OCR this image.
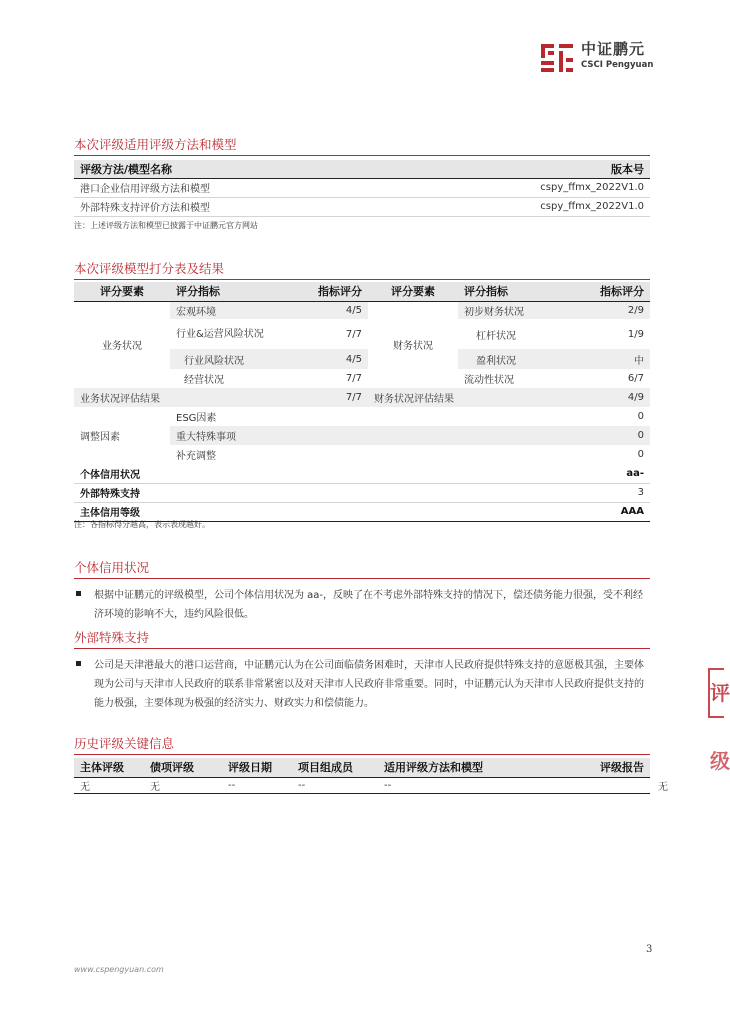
中证鹏元
CSCI Pengyuan
本次评级适用评级方法和模型
评级方法/模型名称	版本号
港口企业信用评级方法和模型	cspy_ffmx_2022V1.0
外部特殊支持评价方法和模型	cspy_ffmx_2022V1.0
注：上述评级方法和模型已披露于中证鹏元官方网站
本次评级模型打分表及结果
评分要素	评分指标	指标评分	评分要素	评分指标	指标评分
业务状况	宏观环境	4/5	财务状况	初步财务状况	2/9
	行业&运营风险状况	7/7		杠杆状况	1/9
	行业风险状况	4/5		盈利状况	中
	经营状况	7/7		流动性状况	6/7
业务状况评估结果		7/7	财务状况评估结果		4/9
调整因素	ESG因素				0
	重大特殊事项				0
	补充调整				0
个体信用状况					aa-
外部特殊支持					3
主体信用等级					AAA
注：各指标得分越高，表示表现越好。
个体信用状况
根据中证鹏元的评级模型，公司个体信用状况为 aa-，反映了在不考虑外部特殊支持的情况下，偿还债务能力很强，受不利经济环境的影响不大，违约风险很低。
外部特殊支持
公司是天津港最大的港口运营商，中证鹏元认为在公司面临债务困难时，天津市人民政府提供特殊支持的意愿极其强，主要体现为公司与天津市人民政府的联系非常紧密以及对天津市人民政府非常重要。同时，中证鹏元认为天津市人民政府提供支持的能力极强，主要体现为极强的经济实力、财政实力和偿债能力。
历史评级关键信息
主体评级	债项评级	评级日期	项目组成员	适用评级方法和模型	评级报告
无	无	--	--	--	无
评
级
3
www.cspengyuan.com
